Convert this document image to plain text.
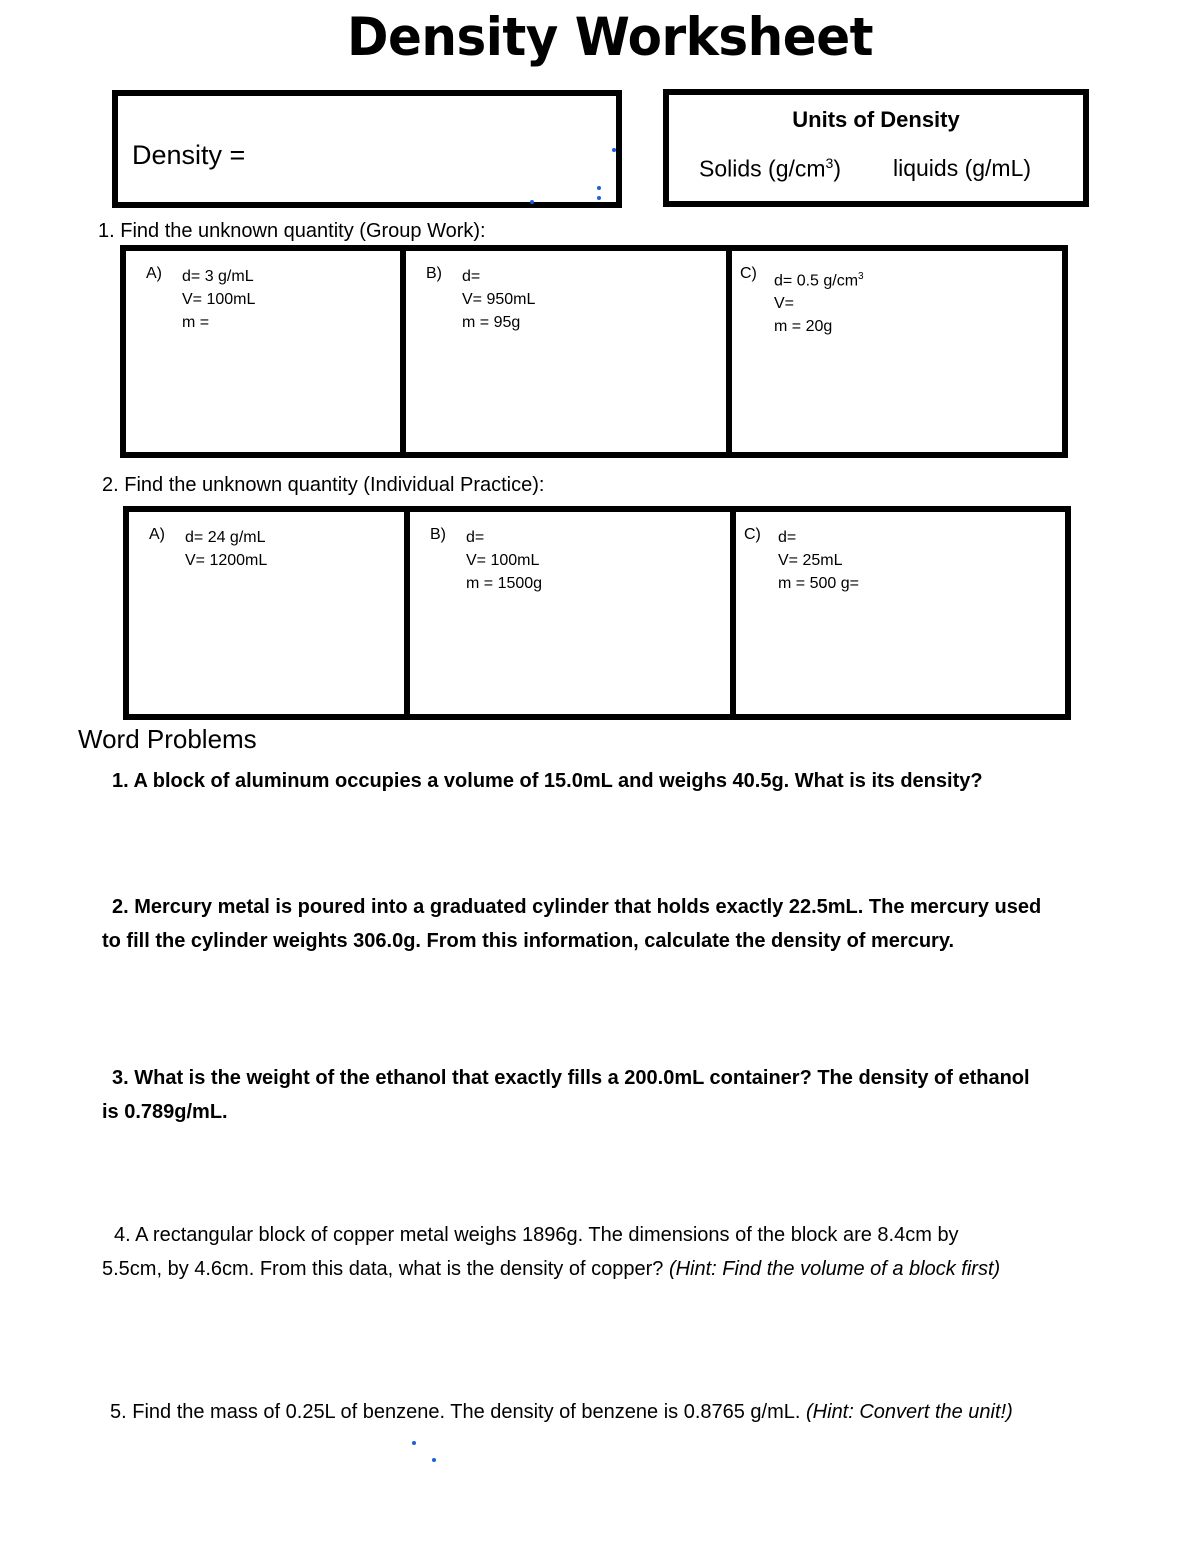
Density Worksheet
Density =
Units of Density
Solids $(g/cm^3)$ liquids (g/mL)
1. Find the unknown quantity (Group Work):
A) d= 3 g/mL
V= 100mL
m =
B) d=
V= 950mL
m = 95g
C) d= 0.5 $g/cm^3$
V=
m = 20g
2. Find the unknown quantity (Individual Practice):
A) d= 24 g/mL
V= 1200mL
B) d=
V= 100mL
m = 1500g
C) d=
V= 25mL
m = 500 g=
Word Problems
1. A block of aluminum occupies a volume of 15.0mL and weighs 40.5g. What is its density?
2. Mercury metal is poured into a graduated cylinder that holds exactly 22.5mL. The mercury used
to fill the cylinder weights 306.0g. From this information, calculate the density of mercury.
3. What is the weight of the ethanol that exactly fills a 200.0mL container? The density of ethanol
is 0.789g/mL.
4. A rectangular block of copper metal weighs 1896g. The dimensions of the block are 8.4cm by
5.5cm, by 4.6cm. From this data, what is the density of copper? (Hint: Find the volume of a block first)
5. Find the mass of 0.25L of benzene. The density of benzene is 0.8765 g/mL. (Hint: Convert the unit!)
